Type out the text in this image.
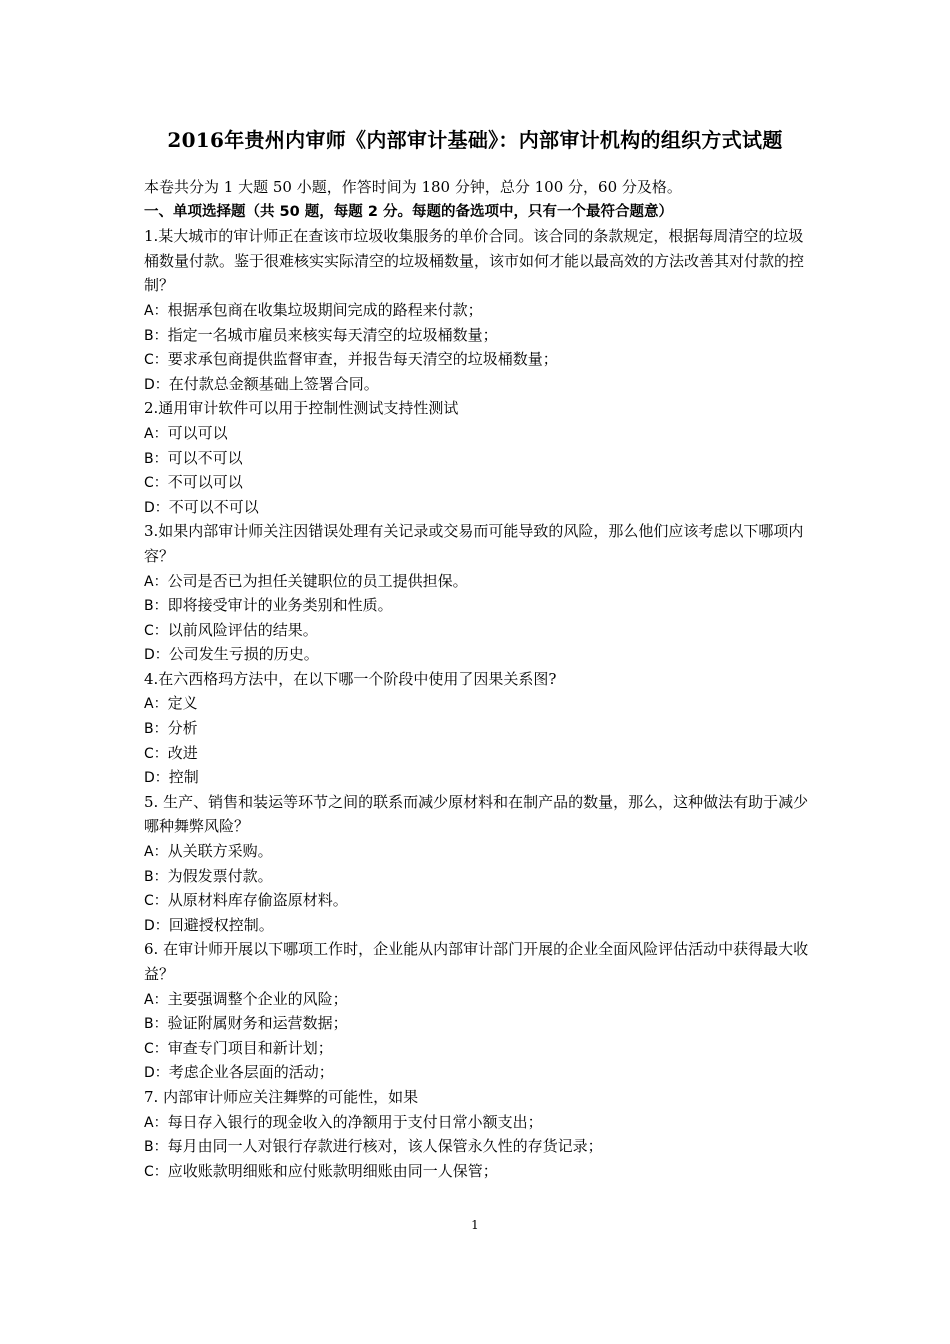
2016年贵州内审师《内部审计基础》：内部审计机构的组织方式试题
本卷共分为 1 大题 50 小题，作答时间为 180 分钟，总分 100 分，60 分及格。
一、单项选择题（共 50 题，每题 2 分。每题的备选项中，只有一个最符合题意）
1.某大城市的审计师正在查该市垃圾收集服务的单价合同。该合同的条款规定，根据每周清空的垃圾桶数量付款。鉴于很难核实实际清空的垃圾桶数量，该市如何才能以最高效的方法改善其对付款的控制？
A：根据承包商在收集垃圾期间完成的路程来付款；
B：指定一名城市雇员来核实每天清空的垃圾桶数量；
C：要求承包商提供监督审查，并报告每天清空的垃圾桶数量；
D：在付款总金额基础上签署合同。
2.通用审计软件可以用于控制性测试支持性测试
A：可以可以
B：可以不可以
C：不可以可以
D：不可以不可以
3.如果内部审计师关注因错误处理有关记录或交易而可能导致的风险，那么他们应该考虑以下哪项内容？
A：公司是否已为担任关键职位的员工提供担保。
B：即将接受审计的业务类别和性质。
C：以前风险评估的结果。
D：公司发生亏损的历史。
4.在六西格玛方法中，在以下哪一个阶段中使用了因果关系图?
A：定义
B：分析
C：改进
D：控制
5. 生产、销售和装运等环节之间的联系而减少原材料和在制产品的数量，那么，这种做法有助于减少哪种舞弊风险？
A：从关联方采购。
B：为假发票付款。
C：从原材料库存偷盗原材料。
D：回避授权控制。
6. 在审计师开展以下哪项工作时，企业能从内部审计部门开展的企业全面风险评估活动中获得最大收益？
A：主要强调整个企业的风险；
B：验证附属财务和运营数据；
C：审查专门项目和新计划；
D：考虑企业各层面的活动；
7. 内部审计师应关注舞弊的可能性，如果
A：每日存入银行的现金收入的净额用于支付日常小额支出；
B：每月由同一人对银行存款进行核对，该人保管永久性的存货记录；
C：应收账款明细账和应付账款明细账由同一人保管；
1
